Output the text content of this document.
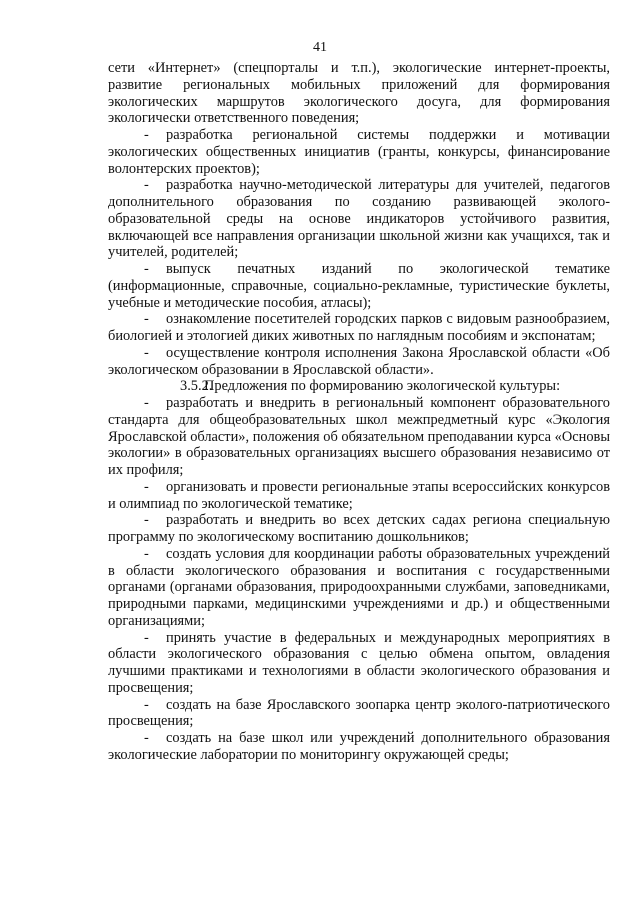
41

сети «Интернет» (спецпорталы и т.п.), экологические интернет-проекты, развитие региональных мобильных приложений для формирования экологических маршрутов экологического досуга, для формирования экологически ответственного поведения;

- разработка региональной системы поддержки и мотивации экологических общественных инициатив (гранты, конкурсы, финансирование волонтерских проектов);

- разработка научно-методической литературы для учителей, педагогов дополнительного образования по созданию развивающей эколого-образовательной среды на основе индикаторов устойчивого развития, включающей все направления организации школьной жизни как учащихся, так и учителей, родителей;

- выпуск печатных изданий по экологической тематике (информационные, справочные, социально-рекламные, туристические буклеты, учебные и методические пособия, атласы);

- ознакомление посетителей городских парков с видовым разнообразием, биологией и этологией диких животных по наглядным пособиям и экспонатам;

- осуществление контроля исполнения Закона Ярославской области «Об экологическом образовании в Ярославской области».

3.5.2.Предложения по формированию экологической культуры:

- разработать и внедрить в региональный компонент образовательного стандарта для общеобразовательных школ межпредметный курс «Экология Ярославской области», положения об обязательном преподавании курса «Основы экологии» в образовательных организациях высшего образования независимо от их профиля;

- организовать и провести региональные этапы всероссийских конкурсов и олимпиад по экологической тематике;

- разработать и внедрить во всех детских садах региона специальную программу по экологическому воспитанию дошкольников;

- создать условия для координации работы образовательных учреждений в области экологического образования и воспитания с государственными органами (органами образования, природоохранными службами, заповедниками, природными парками, медицинскими учреждениями и др.) и общественными организациями;

- принять участие в федеральных и международных мероприятиях в области экологического образования с целью обмена опытом, овладения лучшими практиками и технологиями в области экологического образования и просвещения;

- создать на базе Ярославского зоопарка центр эколого-патриотического просвещения;

- создать на базе школ или учреждений дополнительного образования экологические лаборатории по мониторингу окружающей среды;
